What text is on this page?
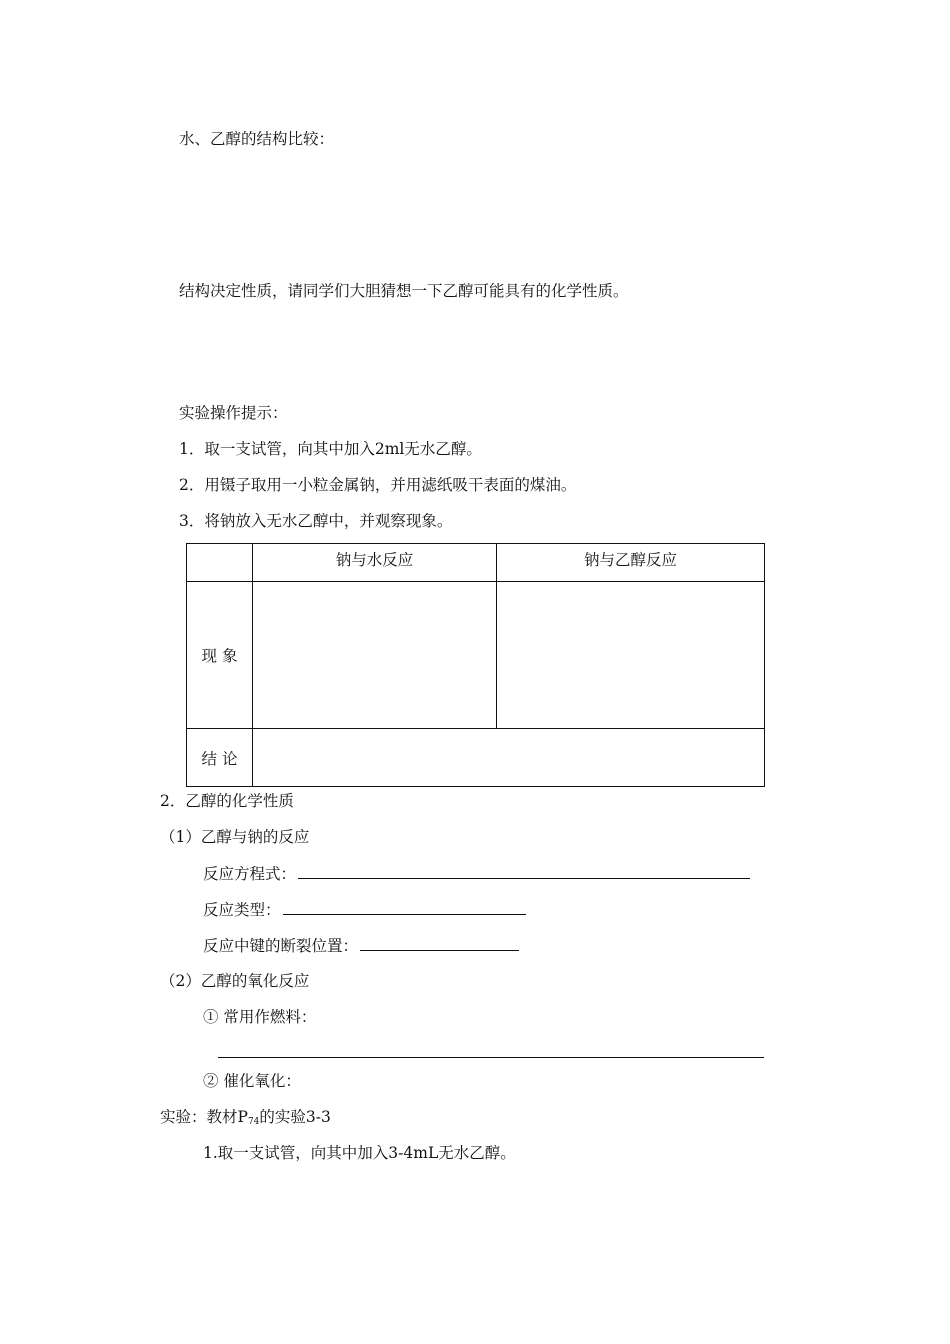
水、乙醇的结构比较：
结构决定性质，请同学们大胆猜想一下乙醇可能具有的化学性质。
实验操作提示：
1．取一支试管，向其中加入2ml无水乙醇。
2．用镊子取用一小粒金属钠，并用滤纸吸干表面的煤油。
3．将钠放入无水乙醇中，并观察现象。
	钠与水反应	钠与乙醇反应
现 象		
结 论		
2．乙醇的化学性质
（1）乙醇与钠的反应
反应方程式：
反应类型：
反应中键的断裂位置：
（2）乙醇的氧化反应
① 常用作燃料：
② 催化氧化：
实验：教材$P_{74}$的实验3-3
1.取一支试管，向其中加入3-4mL无水乙醇。
